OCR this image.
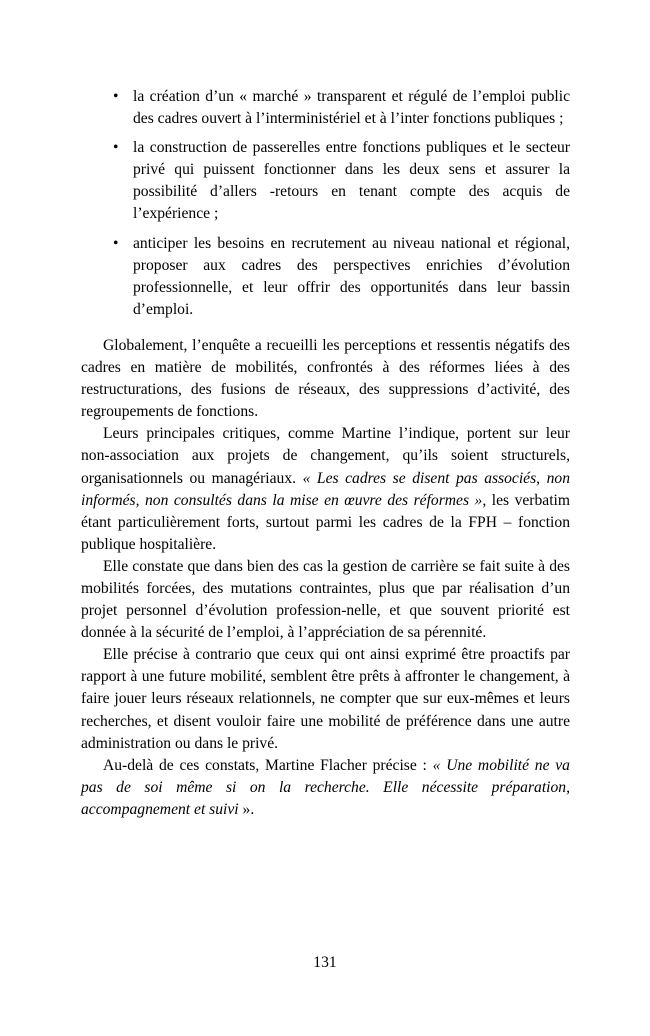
• la création d’un « marché » transparent et régulé de l’emploi public des cadres ouvert à l’interministériel et à l’inter fonctions publiques ;
• la construction de passerelles entre fonctions publiques et le secteur privé qui puissent fonctionner dans les deux sens et assurer la possibilité d’allers -retours en tenant compte des acquis de l’expérience ;
• anticiper les besoins en recrutement au niveau national et régional, proposer aux cadres des perspectives enrichies d’évolution professionnelle, et leur offrir des opportunités dans leur bassin d’emploi.

Globalement, l’enquête a recueilli les perceptions et ressentis négatifs des cadres en matière de mobilités, confrontés à des réformes liées à des restructurations, des fusions de réseaux, des suppressions d’activité, des regroupements de fonctions.

Leurs principales critiques, comme Martine l’indique, portent sur leur non-association aux projets de changement, qu’ils soient structurels, organisationnels ou managériaux. « Les cadres se disent pas associés, non informés, non consultés dans la mise en œuvre des réformes », les verbatim étant particulièrement forts, surtout parmi les cadres de la FPH – fonction publique hospitalière.

Elle constate que dans bien des cas la gestion de carrière se fait suite à des mobilités forcées, des mutations contraintes, plus que par réalisation d’un projet personnel d’évolution profession-nelle, et que souvent priorité est donnée à la sécurité de l’emploi, à l’appréciation de sa pérennité.

Elle précise à contrario que ceux qui ont ainsi exprimé être proactifs par rapport à une future mobilité, semblent être prêts à affronter le changement, à faire jouer leurs réseaux relationnels, ne compter que sur eux-mêmes et leurs recherches, et disent vouloir faire une mobilité de préférence dans une autre administration ou dans le privé.

Au-delà de ces constats, Martine Flacher précise : « Une mobilité ne va pas de soi même si on la recherche. Elle nécessite préparation, accompagnement et suivi ».

131
